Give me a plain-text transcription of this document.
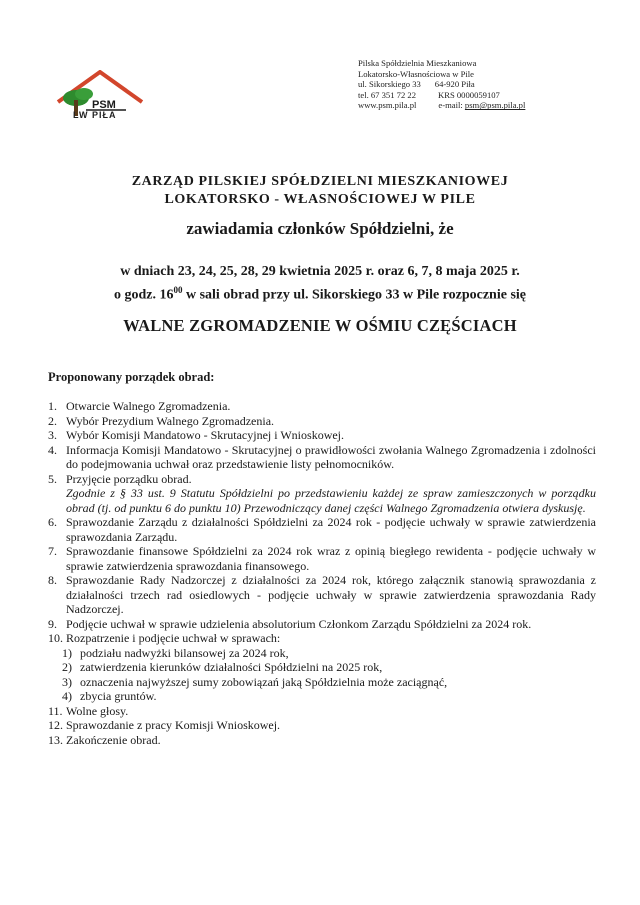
PSM
LW PIŁA
Pilska Spółdzielnia Mieszkaniowa
Lokatorsko-Własnościowa w Pile
ul. Sikorskiego 33 64-920 Piła
tel. 67 351 72 22	KRS 0000059107
www.psm.pila.pl	e-mail: psm@psm.pila.pl
ZARZĄD PILSKIEJ SPÓŁDZIELNI MIESZKANIOWEJ
LOKATORSKO - WŁASNOŚCIOWEJ W PILE
zawiadamia członków Spółdzielni, że
w dniach 23, 24, 25, 28, 29 kwietnia 2025 r. oraz 6, 7, 8 maja 2025 r.
o godz. $16^{00}$ w sali obrad przy ul. Sikorskiego 33 w Pile rozpocznie się
WALNE ZGROMADZENIE W OŚMIU CZĘŚCIACH
Proponowany porządek obrad:
1. Otwarcie Walnego Zgromadzenia.
2. Wybór Prezydium Walnego Zgromadzenia.
3. Wybór Komisji Mandatowo - Skrutacyjnej i Wnioskowej.
4. Informacja Komisji Mandatowo - Skrutacyjnej o prawidłowości zwołania Walnego Zgromadzenia i zdolności do podejmowania uchwał oraz przedstawienie listy pełnomocników.
5. Przyjęcie porządku obrad.
Zgodnie z § 33 ust. 9 Statutu Spółdzielni po przedstawieniu każdej ze spraw zamieszczonych w porządku obrad (tj. od punktu 6 do punktu 10) Przewodniczący danej części Walnego Zgromadzenia otwiera dyskusję.
6. Sprawozdanie Zarządu z działalności Spółdzielni za 2024 rok - podjęcie uchwały w sprawie zatwierdzenia sprawozdania Zarządu.
7. Sprawozdanie finansowe Spółdzielni za 2024 rok wraz z opinią biegłego rewidenta - podjęcie uchwały w sprawie zatwierdzenia sprawozdania finansowego.
8. Sprawozdanie Rady Nadzorczej z działalności za 2024 rok, którego załącznik stanowią sprawozdania z działalności trzech rad osiedlowych - podjęcie uchwały w sprawie zatwierdzenia sprawozdania Rady Nadzorczej.
9. Podjęcie uchwał w sprawie udzielenia absolutorium Członkom Zarządu Spółdzielni za 2024 rok.
10. Rozpatrzenie i podjęcie uchwał w sprawach:
1) podziału nadwyżki bilansowej za 2024 rok,
2) zatwierdzenia kierunków działalności Spółdzielni na 2025 rok,
3) oznaczenia najwyższej sumy zobowiązań jaką Spółdzielnia może zaciągnąć,
4) zbycia gruntów.
11. Wolne głosy.
12. Sprawozdanie z pracy Komisji Wnioskowej.
13. Zakończenie obrad.
